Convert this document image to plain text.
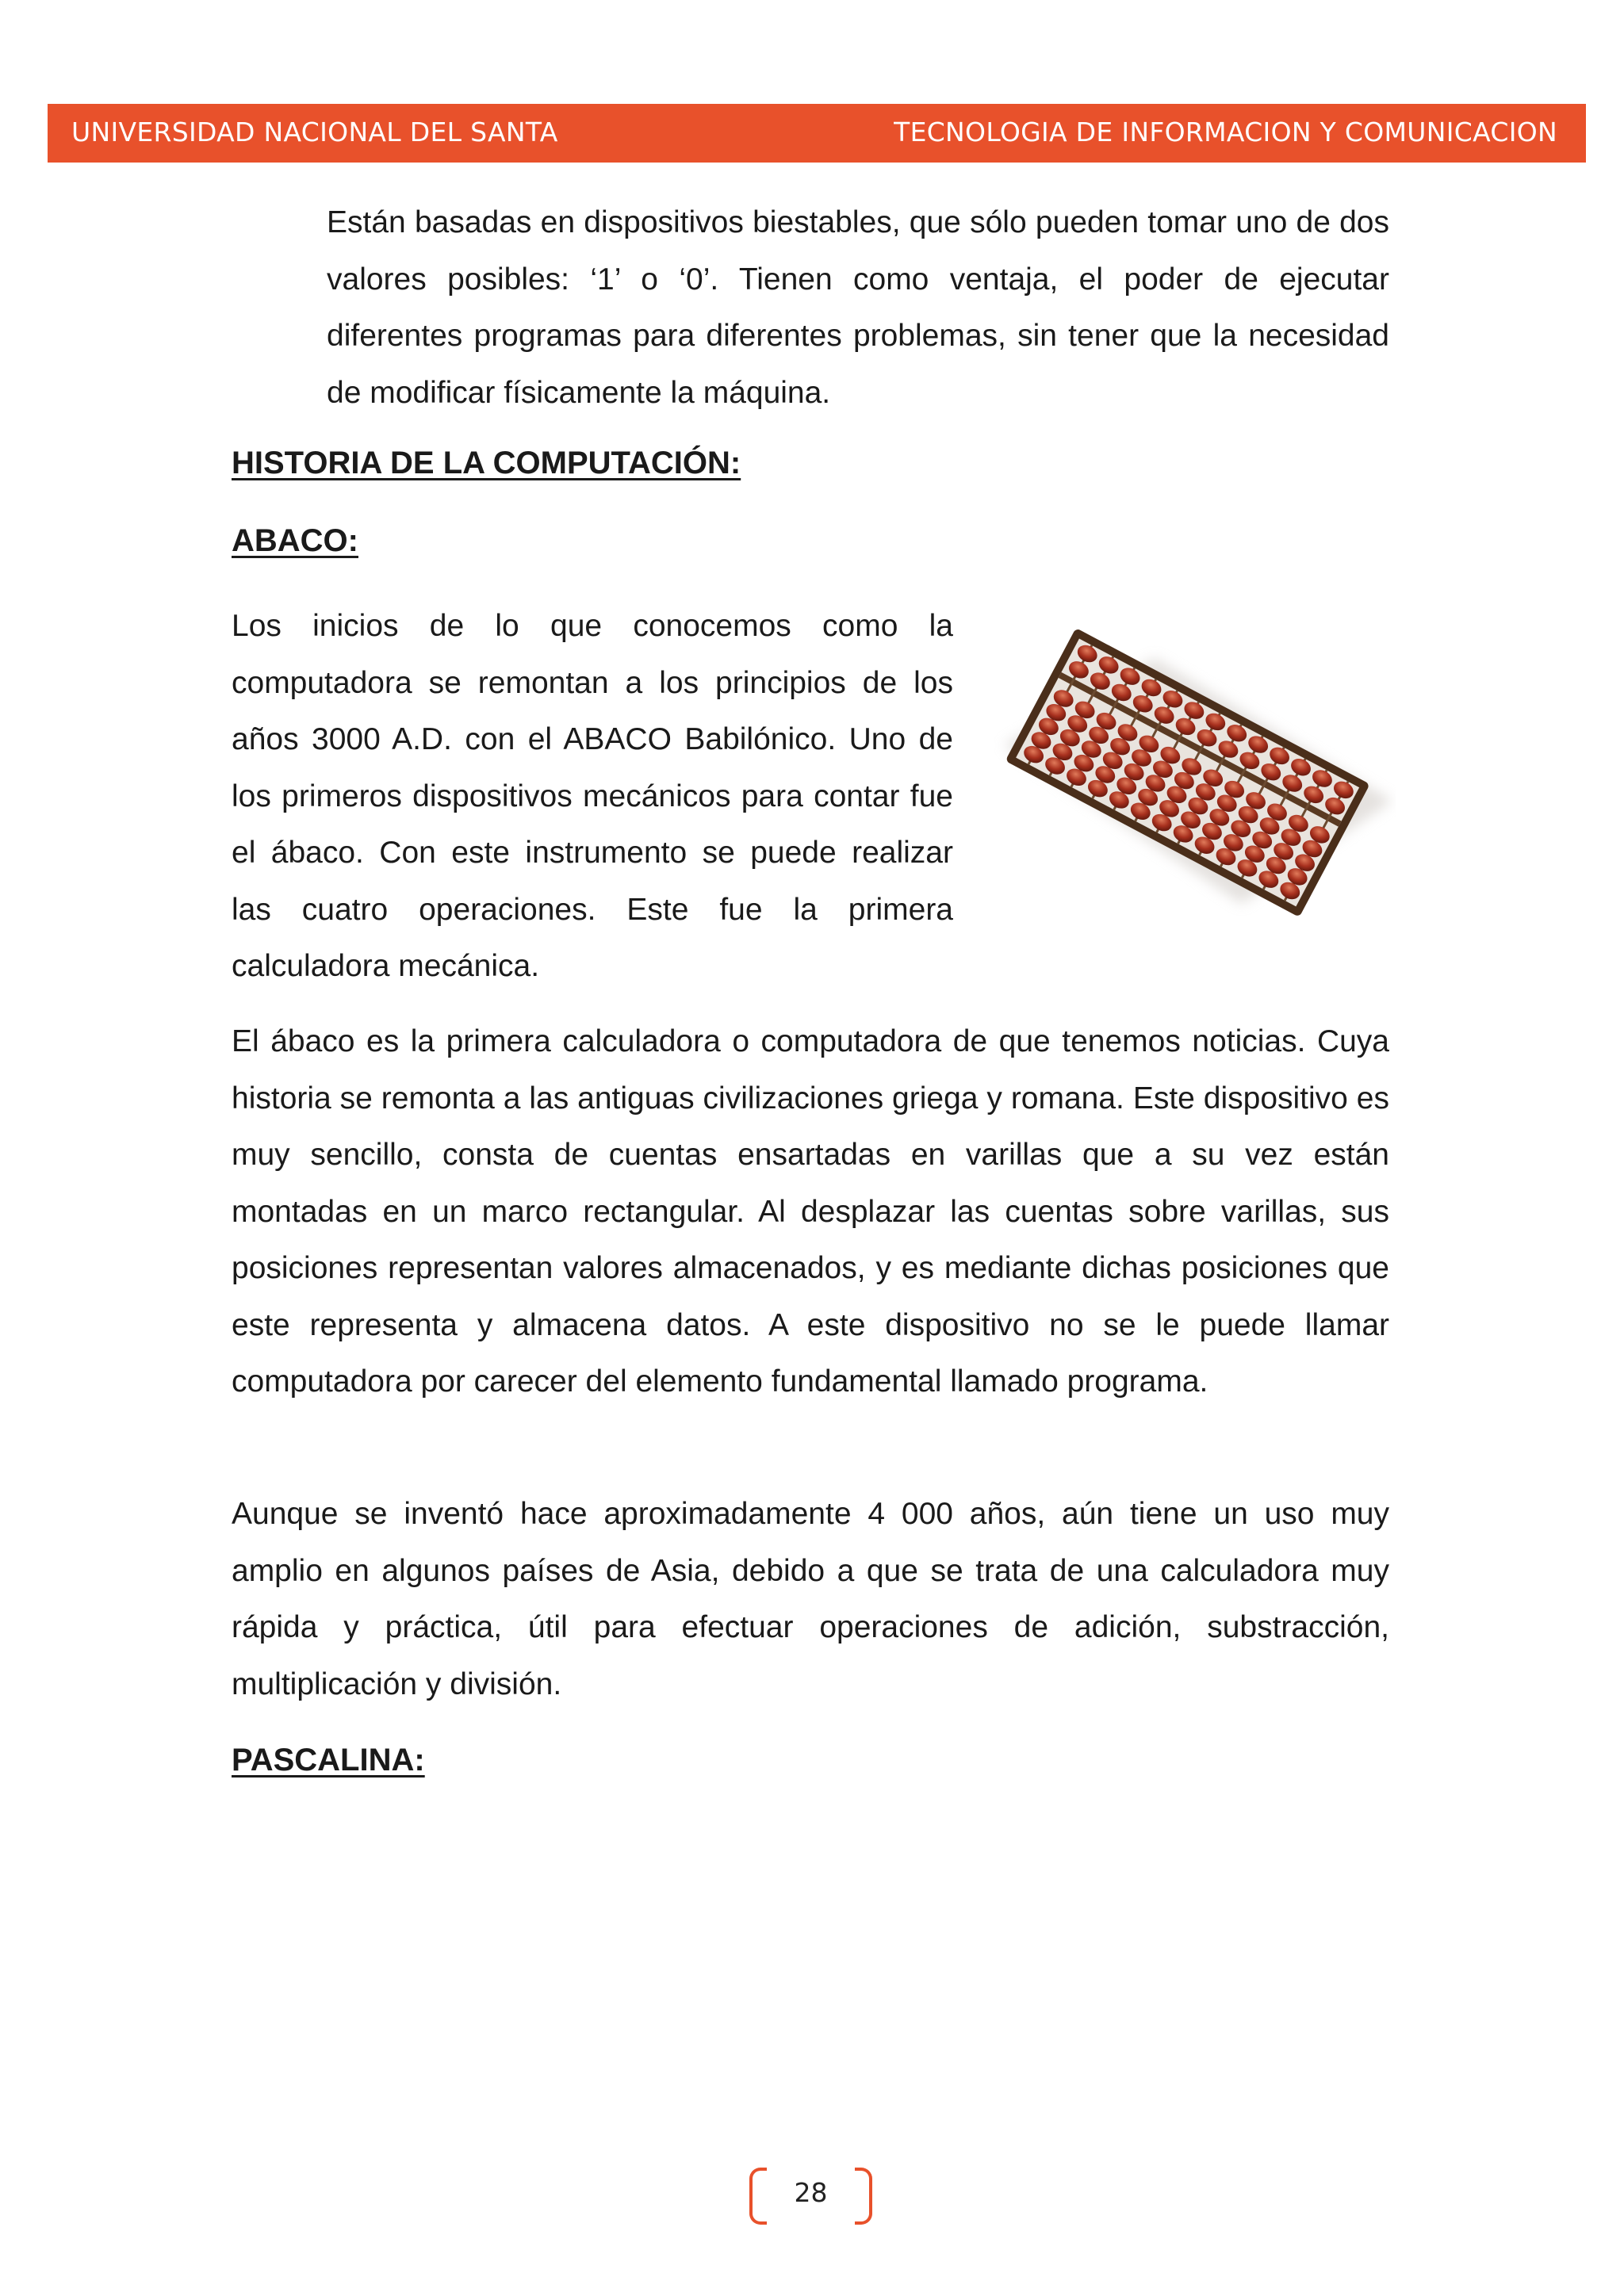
UNIVERSIDAD NACIONAL DEL SANTA	TECNOLOGIA DE INFORMACION Y COMUNICACION

Están basadas en dispositivos biestables, que sólo pueden tomar uno de dos valores posibles: ‘1’ o ‘0’. Tienen como ventaja, el poder de ejecutar diferentes programas para diferentes problemas, sin tener que la necesidad de modificar físicamente la máquina.

HISTORIA DE LA COMPUTACIÓN:
ABACO:

Los inicios de lo que conocemos como la computadora se remontan a los principios de los años 3000 A.D. con el ABACO Babilónico. Uno de los primeros dispositivos mecánicos para contar fue el ábaco. Con este instrumento se puede realizar las cuatro operaciones. Este fue la primera calculadora mecánica.

El ábaco es la primera calculadora o computadora de que tenemos noticias. Cuya historia se remonta a las antiguas civilizaciones griega y romana. Este dispositivo es muy sencillo, consta de cuentas ensartadas en varillas que a su vez están montadas en un marco rectangular. Al desplazar las cuentas sobre varillas, sus posiciones representan valores almacenados, y es mediante dichas posiciones que este representa y almacena datos. A este dispositivo no se le puede llamar computadora por carecer del elemento fundamental llamado programa.

Aunque se inventó hace aproximadamente 4 000 años, aún tiene un uso muy amplio en algunos países de Asia, debido a que se trata de una calculadora muy rápida y práctica, útil para efectuar operaciones de adición, substracción, multiplicación y división.

PASCALINA:
28
